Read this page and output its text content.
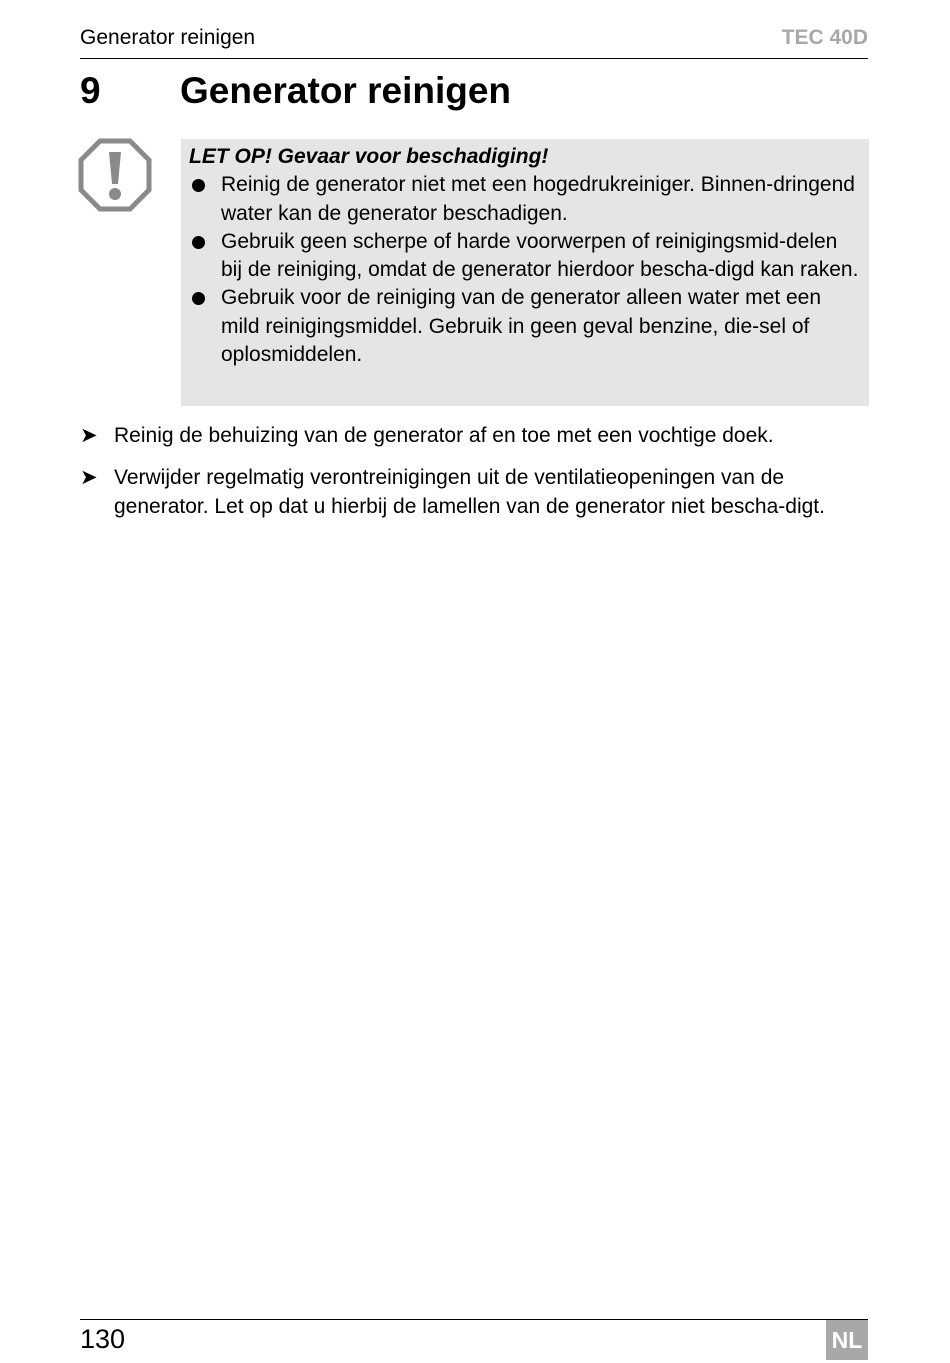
Generator reinigen	TEC 40D
9 Generator reinigen
LET OP! Gevaar voor beschadiging!
Reinig de generator niet met een hogedrukreiniger. Binnen-dringend water kan de generator beschadigen.
Gebruik geen scherpe of harde voorwerpen of reinigingsmid-delen bij de reiniging, omdat de generator hierdoor bescha-digd kan raken.
Gebruik voor de reiniging van de generator alleen water met een mild reinigingsmiddel. Gebruik in geen geval benzine, die-sel of oplosmiddelen.
➤ Reinig de behuizing van de generator af en toe met een vochtige doek.
➤ Verwijder regelmatig verontreinigingen uit de ventilatieopeningen van de generator. Let op dat u hierbij de lamellen van de generator niet bescha-digt.
130	NL
